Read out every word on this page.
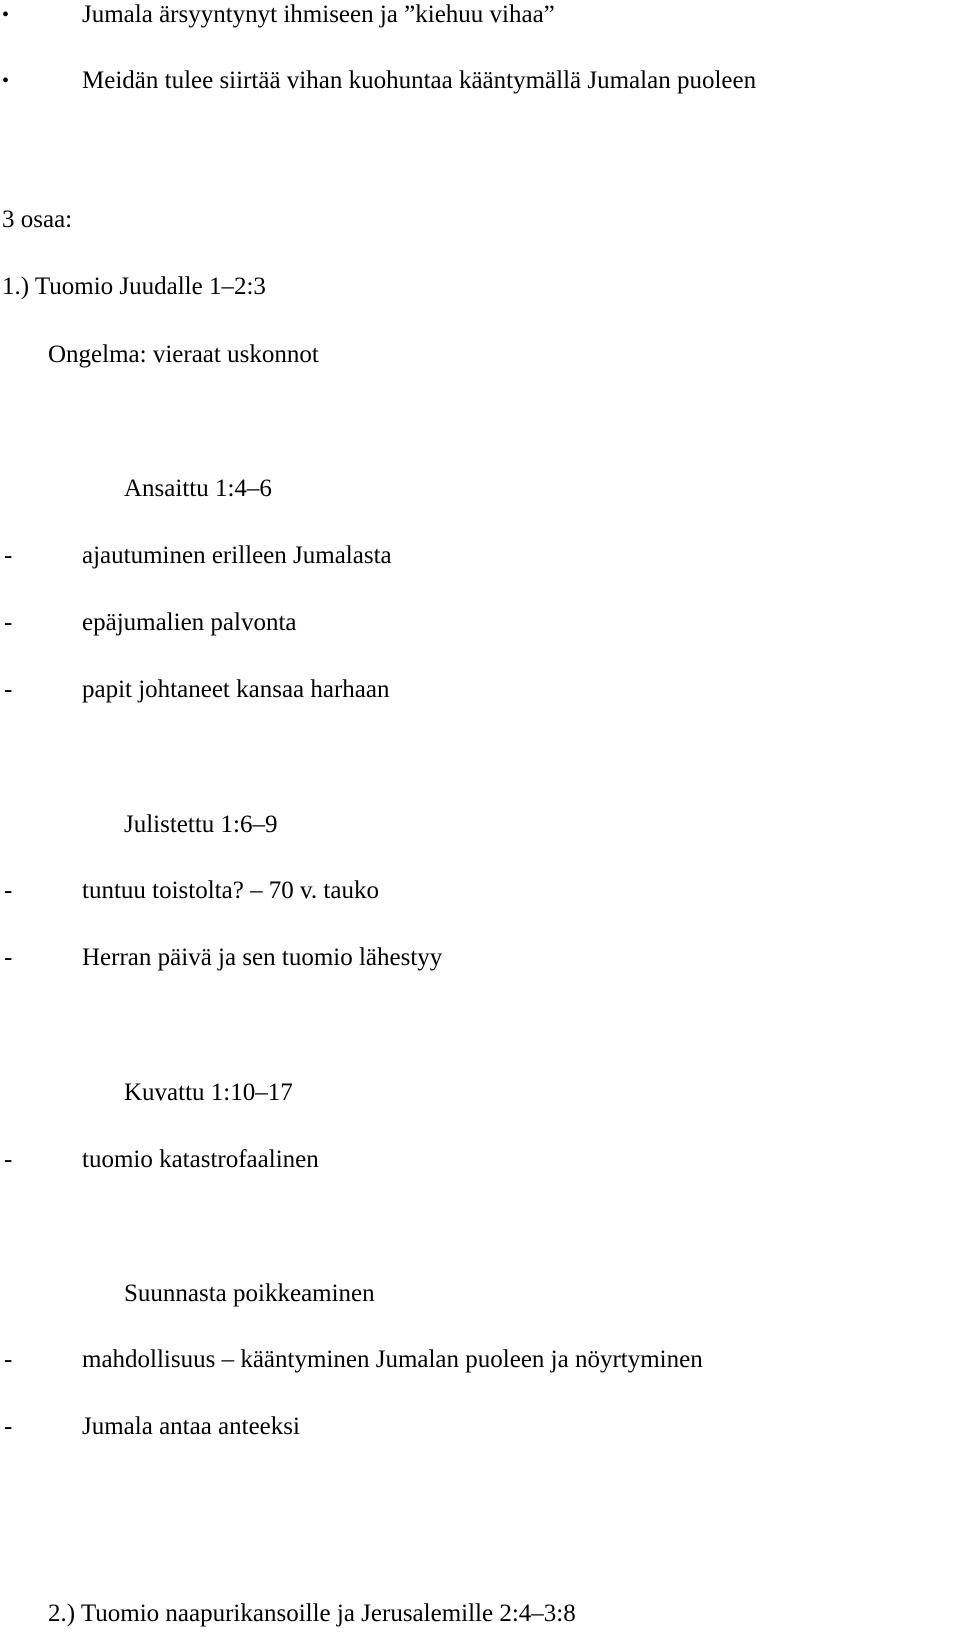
•	Jumala ärsyyntynyt ihmiseen ja ”kiehuu vihaa”
•	Meidän tulee siirtää vihan kuohuntaa kääntymällä Jumalan puoleen
3 osaa:
1.) Tuomio Juudalle 1–2:3
Ongelma: vieraat uskonnot
Ansaittu 1:4–6
-	ajautuminen erilleen Jumalasta
-	epäjumalien palvonta
-	papit johtaneet kansaa harhaan
Julistettu 1:6–9
-	tuntuu toistolta? – 70 v. tauko
-	Herran päivä ja sen tuomio lähestyy
Kuvattu 1:10–17
-	tuomio katastrofaalinen
Suunnasta poikkeaminen
-	mahdollisuus – kääntyminen Jumalan puoleen ja nöyrtyminen
-	Jumala antaa anteeksi
2.) Tuomio naapurikansoille ja Jerusalemille 2:4–3:8
